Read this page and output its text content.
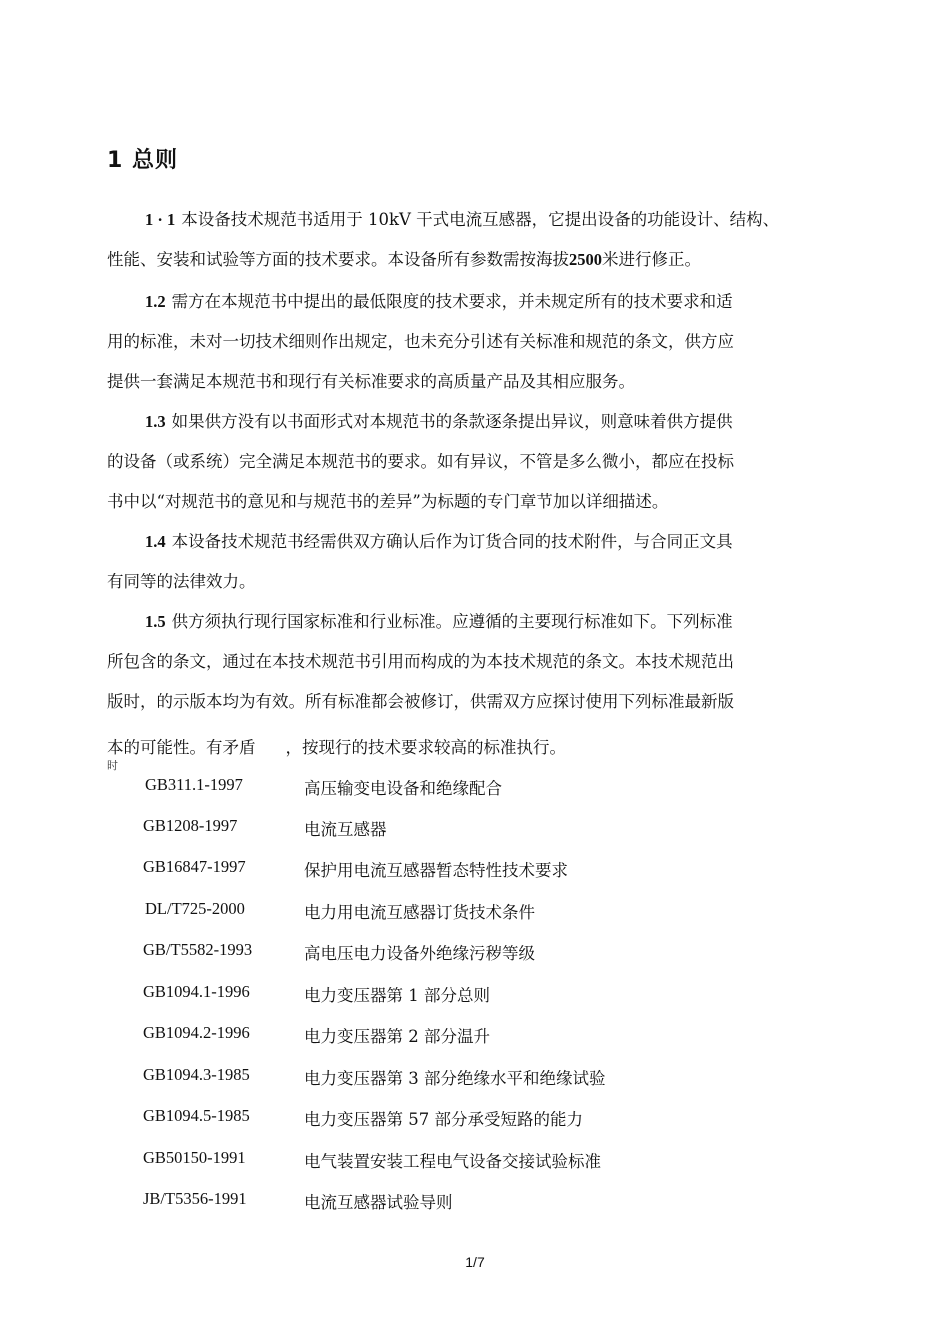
1 总则
1 · 1 本设备技术规范书适用于 10kV 干式电流互感器，它提出设备的功能设计、结构、
性能、安装和试验等方面的技术要求。本设备所有参数需按海拔2500米进行修正。
1.2 需方在本规范书中提出的最低限度的技术要求，并未规定所有的技术要求和适
用的标准，未对一切技术细则作出规定，也未充分引述有关标准和规范的条文，供方应
提供一套满足本规范书和现行有关标准要求的高质量产品及其相应服务。
1.3 如果供方没有以书面形式对本规范书的条款逐条提出异议，则意味着供方提供
的设备（或系统）完全满足本规范书的要求。如有异议，不管是多么微小，都应在投标
书中以“对规范书的意见和与规范书的差异”为标题的专门章节加以详细描述。
1.4 本设备技术规范书经需供双方确认后作为订货合同的技术附件，与合同正文具
有同等的法律效力。
1.5 供方须执行现行国家标准和行业标准。应遵循的主要现行标准如下。下列标准
所包含的条文，通过在本技术规范书引用而构成的为本技术规范的条文。本技术规范出
版时，的示版本均为有效。所有标准都会被修订，供需双方应探讨使用下列标准最新版
本的可能性。有矛盾 ，按现行的技术要求较高的标准执行。
时
GB311.1-1997	高压输变电设备和绝缘配合
GB1208-1997	电流互感器
GB16847-1997	保护用电流互感器暂态特性技术要求
DL/T725-2000	电力用电流互感器订货技术条件
GB/T5582-1993	高电压电力设备外绝缘污秽等级
GB1094.1-1996	电力变压器第 1 部分总则
GB1094.2-1996	电力变压器第 2 部分温升
GB1094.3-1985	电力变压器第 3 部分绝缘水平和绝缘试验
GB1094.5-1985	电力变压器第 57 部分承受短路的能力
GB50150-1991	电气装置安装工程电气设备交接试验标准
JB/T5356-1991	电流互感器试验导则
1/7
